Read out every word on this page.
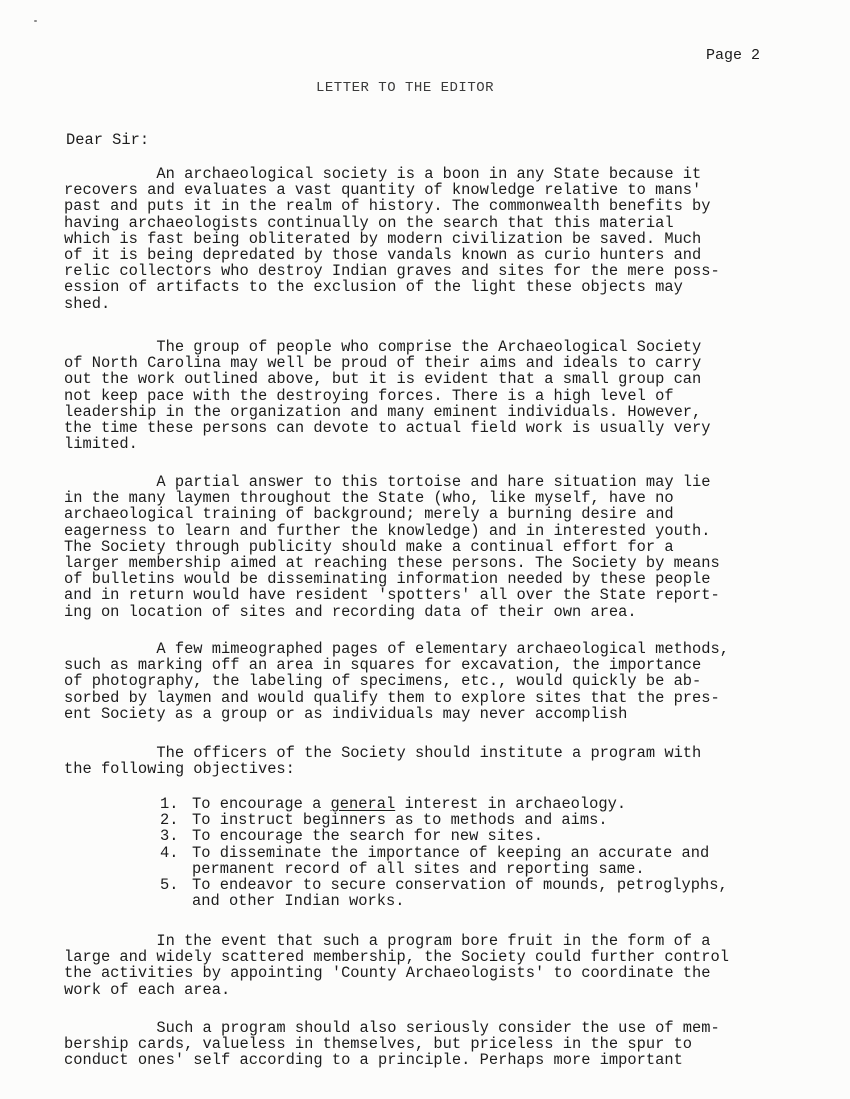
Page 2
LETTER TO THE EDITOR
Dear Sir:

An archaeological society is a boon in any State because it
recovers and evaluates a vast quantity of knowledge relative to mans'
past and puts it in the realm of history. The commonwealth benefits by
having archaeologists continually on the search that this material
which is fast being obliterated by modern civilization be saved. Much
of it is being depredated by those vandals known as curio hunters and
relic collectors who destroy Indian graves and sites for the mere poss-
ession of artifacts to the exclusion of the light these objects may
shed.

The group of people who comprise the Archaeological Society
of North Carolina may well be proud of their aims and ideals to carry
out the work outlined above, but it is evident that a small group can
not keep pace with the destroying forces. There is a high level of
leadership in the organization and many eminent individuals. However,
the time these persons can devote to actual field work is usually very
limited.

A partial answer to this tortoise and hare situation may lie
in the many laymen throughout the State (who, like myself, have no
archaeological training of background; merely a burning desire and
eagerness to learn and further the knowledge) and in interested youth.
The Society through publicity should make a continual effort for a
larger membership aimed at reaching these persons. The Society by means
of bulletins would be disseminating information needed by these people
and in return would have resident 'spotters' all over the State report-
ing on location of sites and recording data of their own area.

A few mimeographed pages of elementary archaeological methods,
such as marking off an area in squares for excavation, the importance
of photography, the labeling of specimens, etc., would quickly be ab-
sorbed by laymen and would qualify them to explore sites that the pres-
ent Society as a group or as individuals may never accomplish

The officers of the Society should institute a program with
the following objectives:

1. To encourage a general interest in archaeology.
2. To instruct beginners as to methods and aims.
3. To encourage the search for new sites.
4. To disseminate the importance of keeping an accurate and
permanent record of all sites and reporting same.
5. To endeavor to secure conservation of mounds, petroglyphs,
and other Indian works.

In the event that such a program bore fruit in the form of a
large and widely scattered membership, the Society could further control
the activities by appointing 'County Archaeologists' to coordinate the
work of each area.

Such a program should also seriously consider the use of mem-
bership cards, valueless in themselves, but priceless in the spur to
conduct ones' self according to a principle. Perhaps more important
